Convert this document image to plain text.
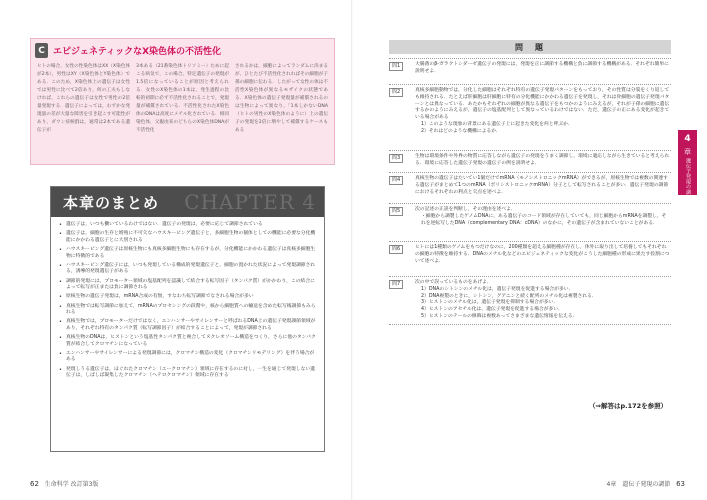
C エピジェネティックなX染色体の不活性化
ヒトの場合，女性の性染色体はXX（X染色体が2本），男性はXY（X染色体とY染色体）である．このため，X染色体上の遺伝子は女性では男性に比べて2倍あり，何の工夫もしなければ，これらの遺伝子は女性で男性の2倍量発現する．遺伝子によっては，わずかな発現量の差が大量な障害を引き起こす可能性があり，ダウン症候群は，通常は2本である遺伝子が
3本ある（21番染色体トリソミー）ために起こる病気で，この場合，特定遺伝子の発現が1.5倍になっていることが原因と考えられる．女性のX染色体の1本は，発生過程の比較的初期に必ず不活性化されることで，発現量が補償されている．不活性化されたX染色体のDNAは高度にメチル化されている．相同染色体，父親由来のどちらのX染色体DNAが不活性化
されるかは，細胞によってランダムに決まるが，ひとたび不活性化されればその細胞が子孫の細胞に伝わる．したがって女性の体は不活性X染色体が異なるモザイクの状態である．X染色体の遺伝子発現量が補償されるのは生物によって異なり，「1本しかないDNA（ヒトの男性のX染色体のように）上の遺伝子の発現を2倍に増やして補償するケースもある
本章のまとめ CHAPTER 4
• 遺伝子は，いつも働いているわけではない．遺伝子の発現は，必要に応じて調節されている
• 遺伝子は，細胞の生存と増殖に不可欠なハウスキーピング遺伝子と，多細胞生物の個体としての機能に必要な分化機能にかかわる遺伝子とに大別される
• ハウスキーピング遺伝子は原核生物にも真核多細胞生物にも存在するが，分化機能にかかわる遺伝子は真核多細胞生物に特徴的である
• ハウスキーピング遺伝子には，いつも発現している構成的発現遺伝子と，細胞の置かれた状況によって発現調節される，誘導的発現遺伝子がある
• 調節的発現には，プロモーター領域の塩基配列を認識して結合する転写因子（タンパク質）がかかわり，この結合によって転写が正または負に調節される
• 原核生物の遺伝子発現は，mRNA合成の有無，すなわち転写調節でなされる場合が多い
• 真核生物では転写調節に加えて，mRNAのプロセシングの段階や，核から細胞質への輸送を含めた転写後調節もみられる
• 真核生物では，プロモーターだけではなく，エンハンサーやサイレンサーと呼ばれるDNA上の遺伝子発現調節領域があり，それぞれ特有のタンパク質（転写調節因子）が結合することによって，発現が調節される
• 真核生物のDNAは，ヒストンという塩基性タンパク質と複合してヌクレオソーム構造をつくり，さらに他のタンパク質が結合してクロマチンになっている
• エンハンサーやサイレンサーによる発現調節には，クロマチン構造の変化（クロマチンリモデリング）を伴う場合がある
• 発現しうる遺伝子は，ほぐれたクロマチン（ユークロマチン）領域に存在するのに対し，一生を通じて発現しない遺伝子は，しばしば凝集したクロマチン（ヘテロクロマチン）領域に存在する
62 生命科学 改訂第3版
問　題
問1	大腸菌のβ-ガラクトシダーゼ遺伝子の発現には，発現を正に調節する機構と負に調節する機構がある．それぞれ簡単に説明せよ．
問2	真核多細胞動物では，分化した細胞はそれぞれ特有の遺伝子発現パターンをもっており，その性質は分裂をくり返しても維持される．たとえば肝細胞は肝細胞に特有の分化機能にかかわる遺伝子を発現し，それは骨細胞の遺伝子発現パターンとは異なっている．あたかもそれぞれの細胞が異なる遺伝子をもつかのようにみえるが，それが子孫の細胞に遺伝するかのようにみえるが，遺伝子の塩基配列として異なっているわけではない．ただ，遺伝子の正にある変化が起きている場合がある
1）このような現象の背景にある遺伝子上に起きた変化を何と呼ぶか．
2）それはどのような機構によるか．
問3	生物は環境条件や外界の物質に応答しながら遺伝子の発現をうまく調節し，環境に適応しながら生きていると考えられる．環境に応答した遺伝子発現の遺伝子の例を説明せよ．
問4	真核生物の遺伝子はたいてい1個だけでmRNA（モノシストロニックmRNA）ができるが，原核生物では複数の関連する遺伝子がまとめて1つのmRNA（ポリシストロニックmRNA）分子として転写されることが多い．遺伝子発現の調節におけるそれぞれの利点と欠点を述べよ．
問5	次の記述の正誤を判断し，その理由を述べよ．
・細胞から調製したゲノムDNAに，ある遺伝子のコード領域が存在していても，同じ細胞からmRNAを調製し，それを逆転写したDNA（complementary DNA：cDNA）のなかに，その遺伝子が含まれていないことがある．
問6	ヒトには1種類のゲノムをもつだけなのに，200種類を超える細胞種が存在し，体外に取り出して培養してもそれぞれの細胞の特徴を維持する．DNAのメチル化などのエピジェネティックな変化がこうした細胞種の形成に果たす役割について述べよ．
問7	次の中で誤っているものをあげよ．
1）DNAのシトシンのメチル化は，遺伝子発現を促進する場合が多い．
2）DNA複製のときに，シトシン，グアニンと続く配列のメチル化は複製される．
3）ヒストンのメチル化は，遺伝子発現を抑制する場合が多い．
4）ヒストンのアセチル化は，遺伝子発現を促進する場合が多い．
5）ヒストンのテールの修飾は複数あってさまざまな遺伝情報を伝える．
（⇒解答はp.172を参照）
4
章
遺伝子発現の調節
4章　遺伝子発現の調節 63
